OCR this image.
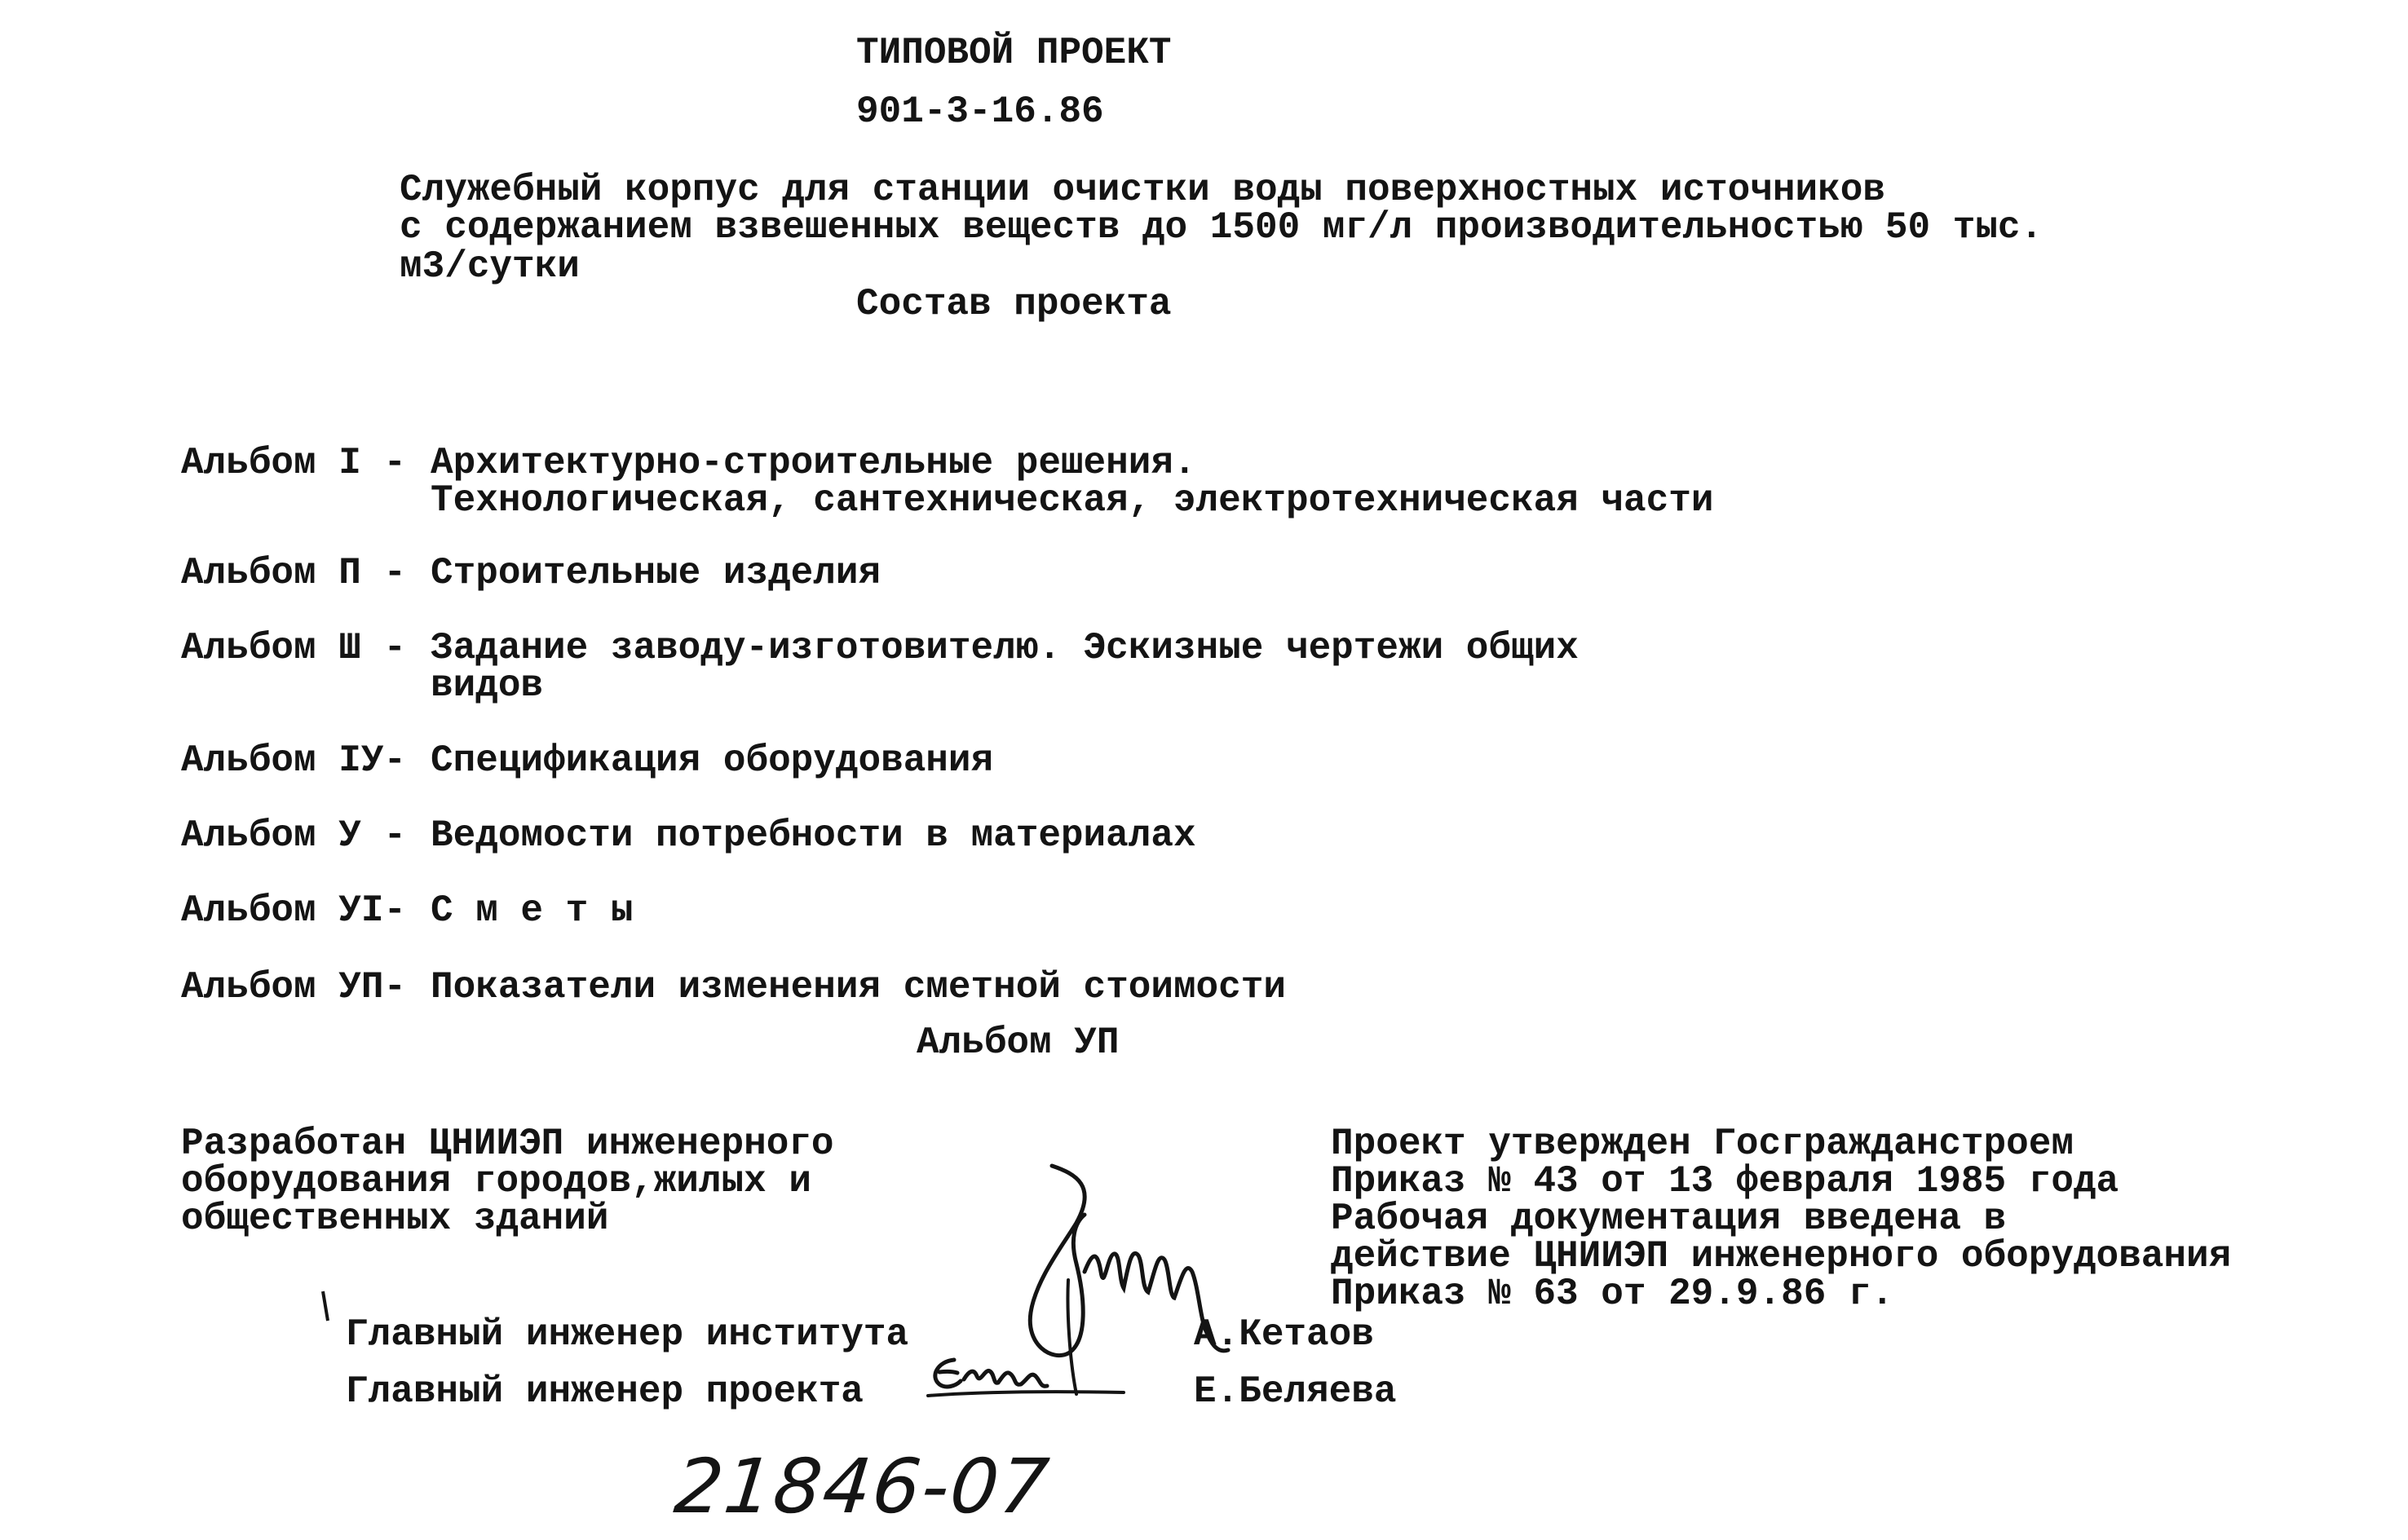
ТИПОВОЙ ПРОЕКТ
901-3-16.86
Служебный корпус для станции очистки воды поверхностных источников
с содержанием взвешенных веществ до 1500 мг/л производительностью 50 тыс.
м3/сутки
Состав проекта
Альбом I - Архитектурно-строительные решения.
Технологическая, сантехническая, электротехническая части
Альбом П - Строительные изделия
Альбом Ш - Задание заводу-изготовителю. Эскизные чертежи общих
видов
Альбом IУ- Спецификация оборудования
Альбом У - Ведомости потребности в материалах
Альбом УI- С м е т ы
Альбом УП- Показатели изменения сметной стоимости
Альбом УП
Разработан ЦНИИЭП инженерного
оборудования городов,жилых и
общественных зданий
Проект утвержден Госгражданстроем
Приказ № 43 от 13 февраля 1985 года
Рабочая документация введена в
действие ЦНИИЭП инженерного оборудования
Приказ № 63 от 29.9.86 г.
Главный инженер института	А.Кетаов
Главный инженер проекта	Е.Беляева
21846-07
